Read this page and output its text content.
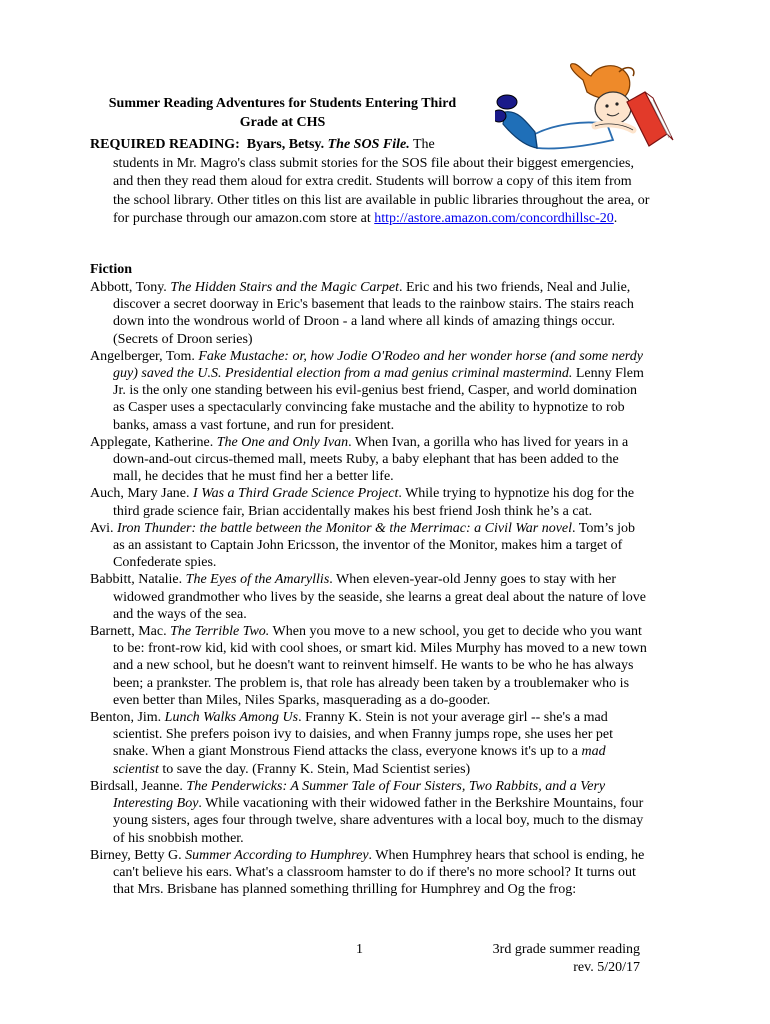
Summer Reading Adventures for Students Entering Third
Grade at CHS
REQUIRED READING: Byars, Betsy. The SOS File. The
students in Mr. Magro's class submit stories for the SOS file about their biggest emergencies, and then they read them aloud for extra credit. Students will borrow a copy of this item from the school library. Other titles on this list are available in public libraries throughout the area, or for purchase through our amazon.com store at http://astore.amazon.com/concordhillsc-20.
Fiction

Abbott, Tony. The Hidden Stairs and the Magic Carpet. Eric and his two friends, Neal and Julie, discover a secret doorway in Eric's basement that leads to the rainbow stairs. The stairs reach down into the wondrous world of Droon - a land where all kinds of amazing things occur. (Secrets of Droon series)

Angelberger, Tom. Fake Mustache: or, how Jodie O'Rodeo and her wonder horse (and some nerdy guy) saved the U.S. Presidential election from a mad genius criminal mastermind. Lenny Flem Jr. is the only one standing between his evil-genius best friend, Casper, and world domination as Casper uses a spectacularly convincing fake mustache and the ability to hypnotize to rob banks, amass a vast fortune, and run for president.

Applegate, Katherine. The One and Only Ivan. When Ivan, a gorilla who has lived for years in a down-and-out circus-themed mall, meets Ruby, a baby elephant that has been added to the mall, he decides that he must find her a better life.

Auch, Mary Jane. I Was a Third Grade Science Project. While trying to hypnotize his dog for the third grade science fair, Brian accidentally makes his best friend Josh think he’s a cat.

Avi. Iron Thunder: the battle between the Monitor & the Merrimac: a Civil War novel. Tom’s job as an assistant to Captain John Ericsson, the inventor of the Monitor, makes him a target of Confederate spies.

Babbitt, Natalie. The Eyes of the Amaryllis. When eleven-year-old Jenny goes to stay with her widowed grandmother who lives by the seaside, she learns a great deal about the nature of love and the ways of the sea.

Barnett, Mac. The Terrible Two. When you move to a new school, you get to decide who you want to be: front-row kid, kid with cool shoes, or smart kid. Miles Murphy has moved to a new town and a new school, but he doesn't want to reinvent himself. He wants to be who he has always been; a prankster. The problem is, that role has already been taken by a troublemaker who is even better than Miles, Niles Sparks, masquerading as a do-gooder.

Benton, Jim. Lunch Walks Among Us. Franny K. Stein is not your average girl -- she's a mad scientist. She prefers poison ivy to daisies, and when Franny jumps rope, she uses her pet snake. When a giant Monstrous Fiend attacks the class, everyone knows it's up to a mad scientist to save the day. (Franny K. Stein, Mad Scientist series)

Birdsall, Jeanne. The Penderwicks: A Summer Tale of Four Sisters, Two Rabbits, and a Very Interesting Boy. While vacationing with their widowed father in the Berkshire Mountains, four young sisters, ages four through twelve, share adventures with a local boy, much to the dismay of his snobbish mother.

Birney, Betty G. Summer According to Humphrey. When Humphrey hears that school is ending, he can't believe his ears. What's a classroom hamster to do if there's no more school? It turns out that Mrs. Brisbane has planned something thrilling for Humphrey and Og the frog:

1	3rd grade summer reading
rev. 5/20/17
